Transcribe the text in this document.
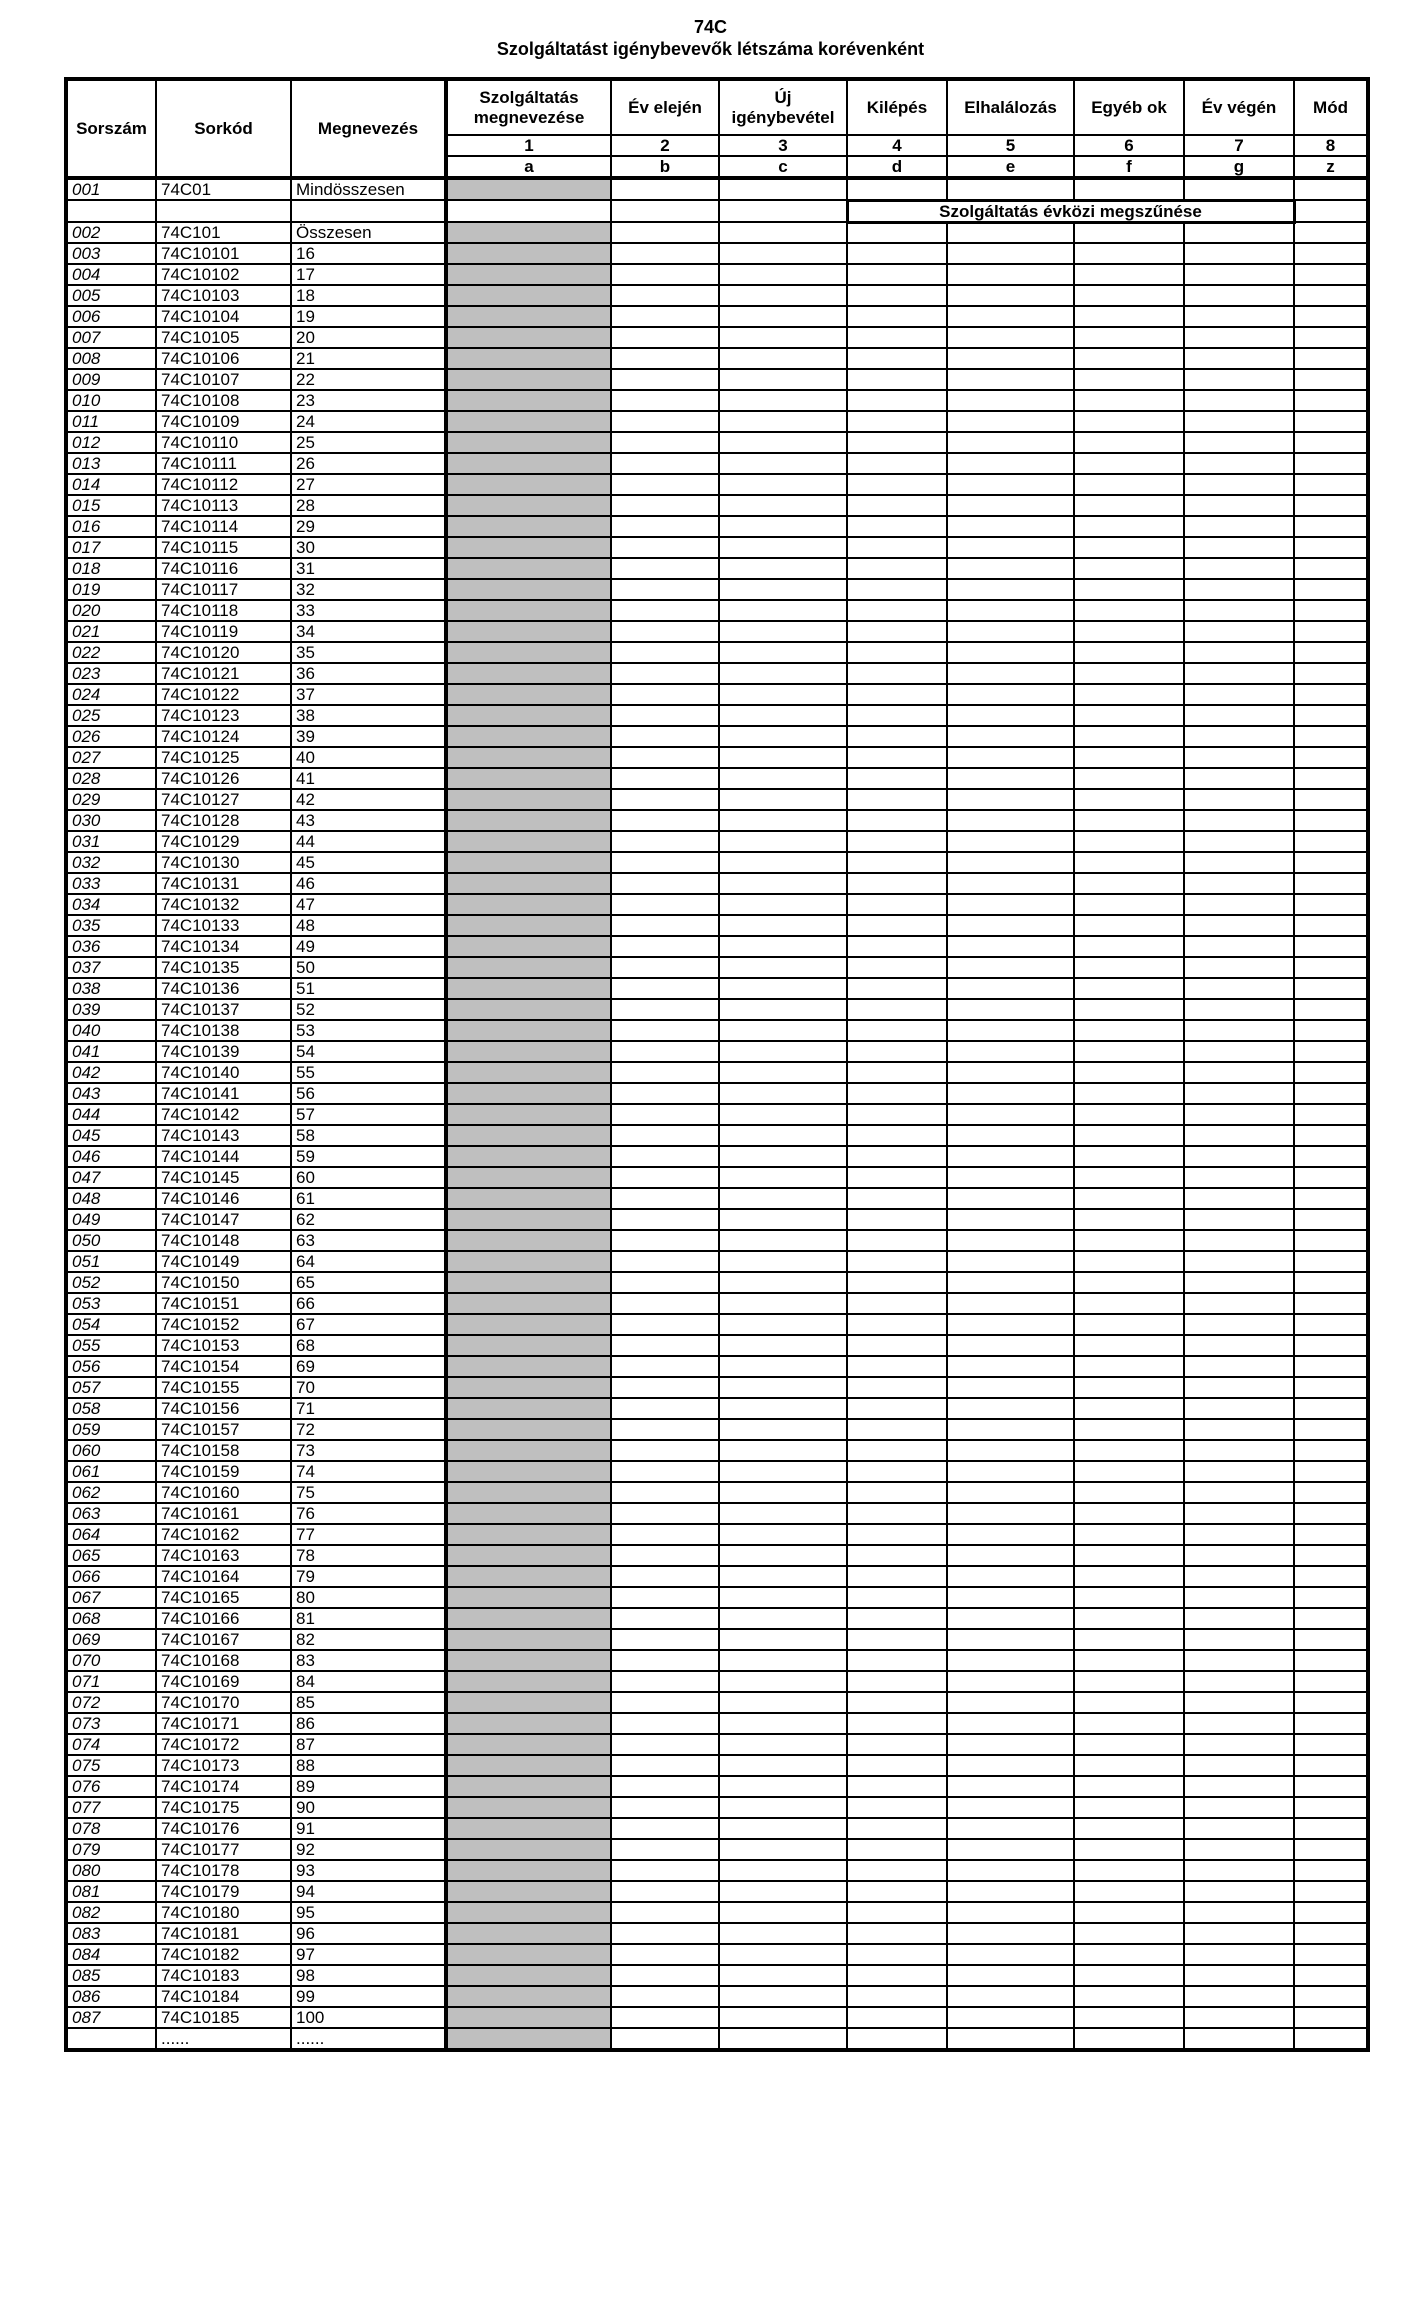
74C
Szolgáltatást igénybevevők létszáma korévenként
Sorszám	Sorkód	Megnevezés	Szolgáltatás megnevezése	Év elején	Új igénybevétel	Kilépés	Elhalálozás	Egyéb ok	Év végén	Mód
			1	2	3	4	5	6	7	8
			a	b	c	d	e	f	g	z
001	74C01	Mindösszesen								
						Szolgáltatás évközi megszűnése				
002	74C101	Összesen								
003	74C10101	16								
004	74C10102	17								
005	74C10103	18								
006	74C10104	19								
007	74C10105	20								
008	74C10106	21								
009	74C10107	22								
010	74C10108	23								
011	74C10109	24								
012	74C10110	25								
013	74C10111	26								
014	74C10112	27								
015	74C10113	28								
016	74C10114	29								
017	74C10115	30								
018	74C10116	31								
019	74C10117	32								
020	74C10118	33								
021	74C10119	34								
022	74C10120	35								
023	74C10121	36								
024	74C10122	37								
025	74C10123	38								
026	74C10124	39								
027	74C10125	40								
028	74C10126	41								
029	74C10127	42								
030	74C10128	43								
031	74C10129	44								
032	74C10130	45								
033	74C10131	46								
034	74C10132	47								
035	74C10133	48								
036	74C10134	49								
037	74C10135	50								
038	74C10136	51								
039	74C10137	52								
040	74C10138	53								
041	74C10139	54								
042	74C10140	55								
043	74C10141	56								
044	74C10142	57								
045	74C10143	58								
046	74C10144	59								
047	74C10145	60								
048	74C10146	61								
049	74C10147	62								
050	74C10148	63								
051	74C10149	64								
052	74C10150	65								
053	74C10151	66								
054	74C10152	67								
055	74C10153	68								
056	74C10154	69								
057	74C10155	70								
058	74C10156	71								
059	74C10157	72								
060	74C10158	73								
061	74C10159	74								
062	74C10160	75								
063	74C10161	76								
064	74C10162	77								
065	74C10163	78								
066	74C10164	79								
067	74C10165	80								
068	74C10166	81								
069	74C10167	82								
070	74C10168	83								
071	74C10169	84								
072	74C10170	85								
073	74C10171	86								
074	74C10172	87								
075	74C10173	88								
076	74C10174	89								
077	74C10175	90								
078	74C10176	91								
079	74C10177	92								
080	74C10178	93								
081	74C10179	94								
082	74C10180	95								
083	74C10181	96								
084	74C10182	97								
085	74C10183	98								
086	74C10184	99								
087	74C10185	100								
	......	......								
